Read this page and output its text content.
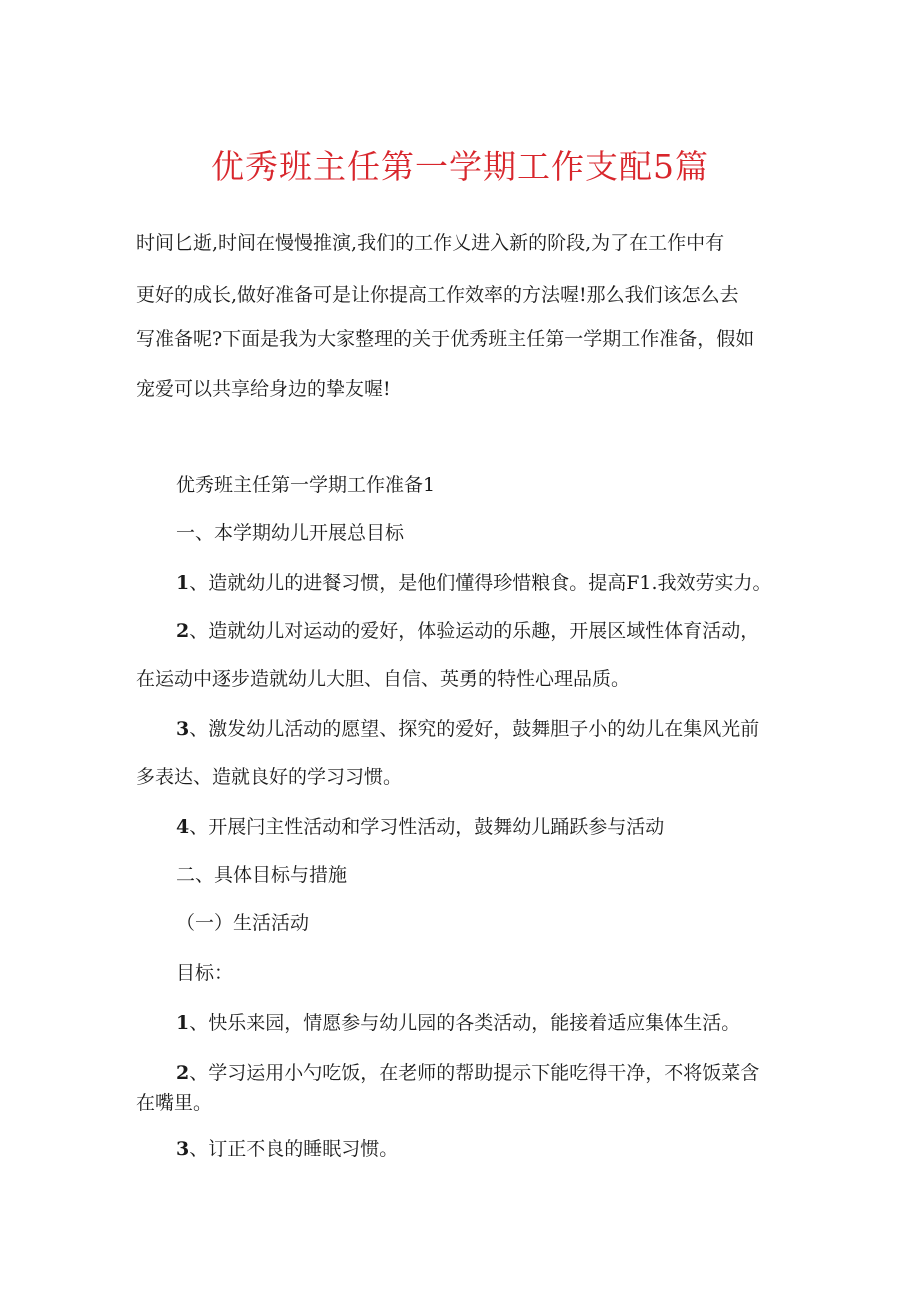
优秀班主任第一学期工作支配5篇
时间匕逝,时间在慢慢推演,我们的工作乂进入新的阶段,为了在工作中有
更好的成长,做好准备可是让你提高工作效率的方法喔!那么我们该怎么去
写准备呢?下面是我为大家整理的关于优秀班主任第一学期工作准备，假如
宠爱可以共享给身边的挚友喔!
优秀班主任第一学期工作准备1
一、本学期幼儿开展总目标
1、造就幼儿的进餐习惯，是他们懂得珍惜粮食。提高F1.我效劳实力。
2、造就幼儿对运动的爱好，体验运动的乐趣，开展区域性体育活动，
在运动中逐步造就幼儿大胆、自信、英勇的特性心理品质。
3、激发幼儿活动的愿望、探究的爱好，鼓舞胆子小的幼儿在集风光前
多表达、造就良好的学习习惯。
4、开展闩主性活动和学习性活动，鼓舞幼儿踊跃参与活动
二、具体目标与措施
（一）生活活动
目标：
1、快乐来园，情愿参与幼儿园的各类活动，能接着适应集体生活。
2、学习运用小勺吃饭，在老师的帮助提示下能吃得干净，不将饭菜含
在嘴里。
3、订正不良的睡眠习惯。
